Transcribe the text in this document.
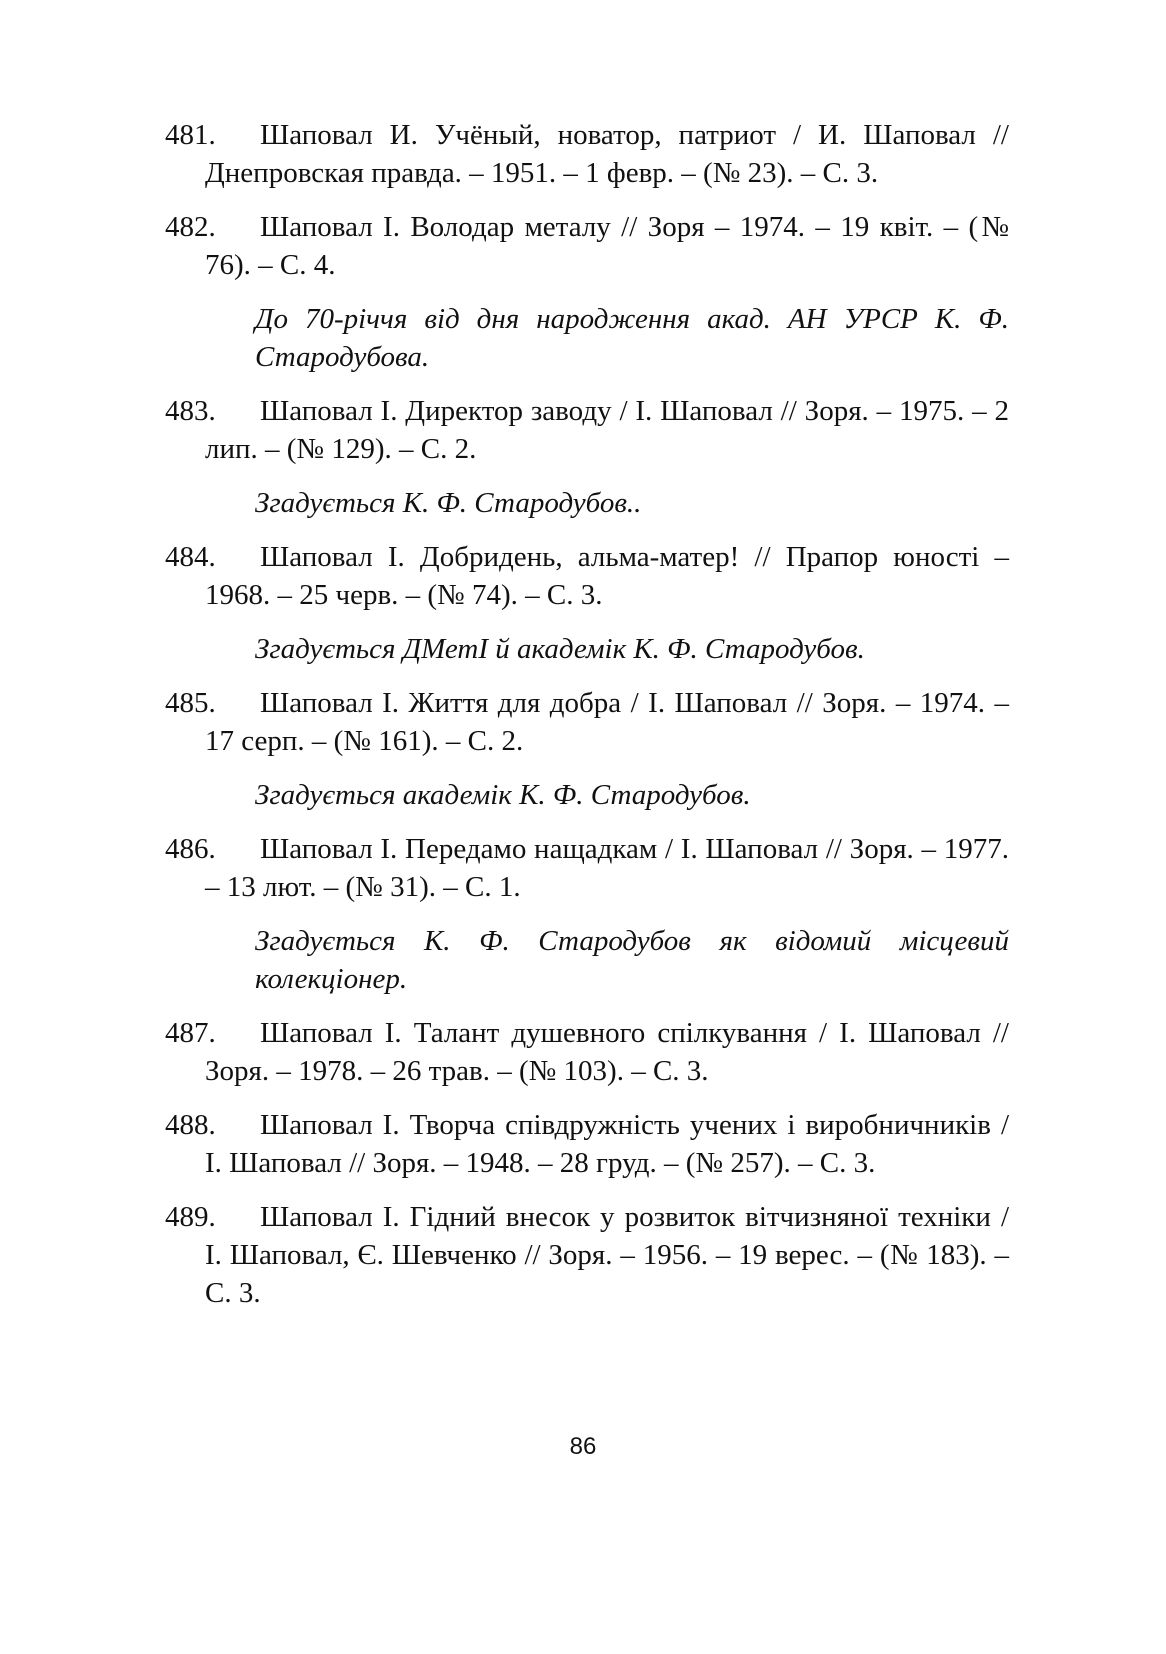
481.	Шаповал И. Учёный, новатор, патриот / И. Шаповал // Днепровская правда. – 1951. – 1 февр. – (№ 23). – С. 3.
482.	Шаповал І. Володар металу // Зоря – 1974. – 19 квіт. – (№ 76). – С. 4.
До 70-річчя від дня народження акад. АН УРСР К. Ф. Стародубова.
483.	Шаповал І. Директор заводу / І. Шаповал // Зоря. – 1975. – 2 лип. – (№ 129). – С. 2.
Згадується К. Ф. Стародубов..
484.	Шаповал І. Добридень, альма-матер! // Прапор юності – 1968. – 25 черв. – (№ 74). – С. 3.
Згадується ДМетІ й академік К. Ф. Стародубов.
485.	Шаповал І. Життя для добра / І. Шаповал // Зоря. – 1974. – 17 серп. – (№ 161). – С. 2.
Згадується академік К. Ф. Стародубов.
486.	Шаповал І. Передамо нащадкам / І. Шаповал // Зоря. – 1977. – 13 лют. – (№ 31). – С. 1.
Згадується К. Ф. Стародубов як відомий місцевий колекціонер.
487.	Шаповал І. Талант душевного спілкування / І. Шаповал // Зоря. – 1978. – 26 трав. – (№ 103). – С. 3.
488.	Шаповал І. Творча співдружність учених і виробничників / І. Шаповал // Зоря. – 1948. – 28 груд. – (№ 257). – С. 3.
489.	Шаповал І. Гідний внесок у розвиток вітчизняної техніки / І. Шаповал, Є. Шевченко // Зоря. – 1956. – 19 верес. – (№ 183). – С. 3.
86
